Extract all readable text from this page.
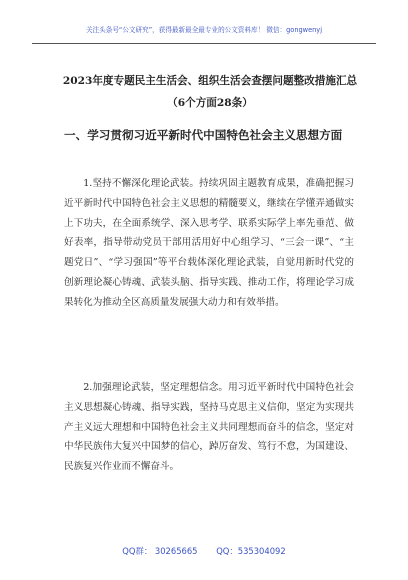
关注头条号“公文研究”，获得最新最全最专业的公文资料库！ 微信：gongwenyj
2023年度专题民主生活会、组织生活会查摆问题整改措施汇总（6个方面28条）
一、学习贯彻习近平新时代中国特色社会主义思想方面

1.坚持不懈深化理论武装。持续巩固主题教育成果，准确把握习近平新时代中国特色社会主义思想的精髓要义，继续在学懂弄通做实上下功夫，在全面系统学、深入思考学、联系实际学上率先垂范、做好表率，指导带动党员干部用活用好中心组学习、“三会一课”、“主题党日”、“学习强国”等平台载体深化理论武装，自觉用新时代党的创新理论凝心铸魂、武装头脑、指导实践、推动工作，将理论学习成果转化为推动全区高质量发展强大动力和有效举措。

2.加强理论武装，坚定理想信念。用习近平新时代中国特色社会主义思想凝心铸魂、指导实践，坚持马克思主义信仰，坚定为实现共产主义远大理想和中国特色社会主义共同理想而奋斗的信念，坚定对中华民族伟大复兴中国梦的信心，踔厉奋发、笃行不怠，为国建设、民族复兴作业而不懈奋斗。

QQ群： 30265665 QQ：535304092
